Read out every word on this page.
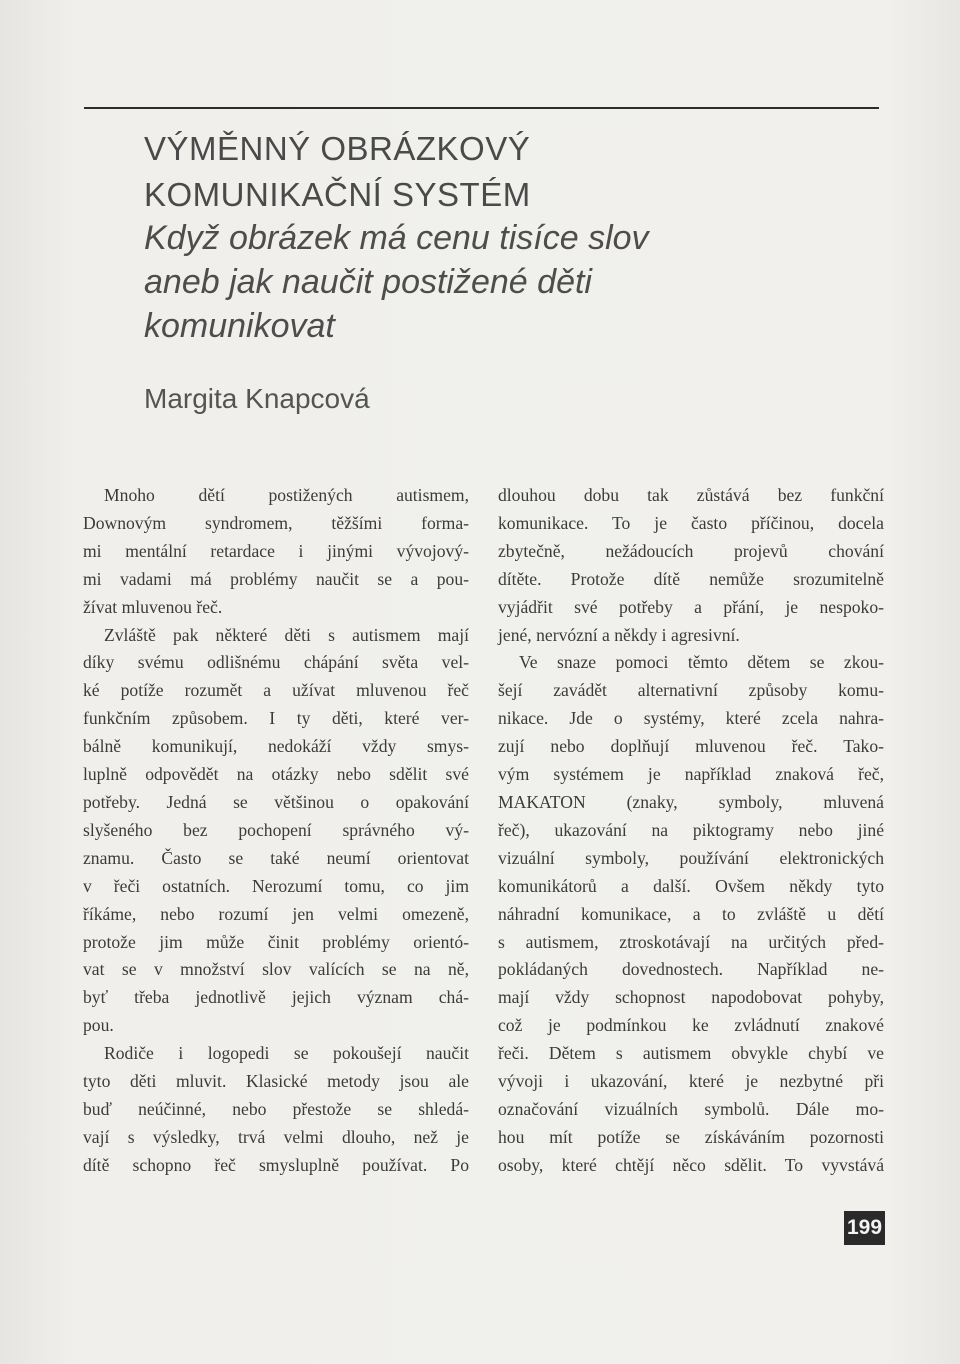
VÝMĚNNÝ OBRÁZKOVÝ
KOMUNIKAČNÍ SYSTÉM
Když obrázek má cenu tisíce slov
aneb jak naučit postižené děti
komunikovat
Margita Knapcová

Mnoho dětí postižených autismem,

Downovým syndromem, těžšími forma-

mi mentální retardace i jinými vývojový-

mi vadami má problémy naučit se a pou-

žívat mluvenou řeč.

Zvláště pak některé děti s autismem mají

díky svému odlišnému chápání světa vel-

ké potíže rozumět a užívat mluvenou řeč

funkčním způsobem. I ty děti, které ver-

bálně komunikují, nedokáží vždy smys-

luplně odpovědět na otázky nebo sdělit své

potřeby. Jedná se většinou o opakování

slyšeného bez pochopení správného vý-

znamu. Často se také neumí orientovat

v řeči ostatních. Nerozumí tomu, co jim

říkáme, nebo rozumí jen velmi omezeně,

protože jim může činit problémy orientó-

vat se v množství slov valících se na ně,

byť třeba jednotlivě jejich význam chá-

pou.

Rodiče i logopedi se pokoušejí naučit

tyto děti mluvit. Klasické metody jsou ale

buď neúčinné, nebo přestože se shledá-

vají s výsledky, trvá velmi dlouho, než je

dítě schopno řeč smysluplně používat. Po

dlouhou dobu tak zůstává bez funkční

komunikace. To je často příčinou, docela

zbytečně, nežádoucích projevů chování

dítěte. Protože dítě nemůže srozumitelně

vyjádřit své potřeby a přání, je nespoko-

jené, nervózní a někdy i agresivní.

Ve snaze pomoci těmto dětem se zkou-

šejí zavádět alternativní způsoby komu-

nikace. Jde o systémy, které zcela nahra-

zují nebo doplňují mluvenou řeč. Tako-

vým systémem je například znaková řeč,

MAKATON (znaky, symboly, mluvená

řeč), ukazování na piktogramy nebo jiné

vizuální symboly, používání elektronických

komunikátorů a další. Ovšem někdy tyto

náhradní komunikace, a to zvláště u dětí

s autismem, ztroskotávají na určitých před-

pokládaných dovednostech. Například ne-

mají vždy schopnost napodobovat pohyby,

což je podmínkou ke zvládnutí znakové

řeči. Dětem s autismem obvykle chybí ve

vývoji i ukazování, které je nezbytné při

označování vizuálních symbolů. Dále mo-

hou mít potíže se získáváním pozornosti

osoby, které chtějí něco sdělit. To vyvstává

199
